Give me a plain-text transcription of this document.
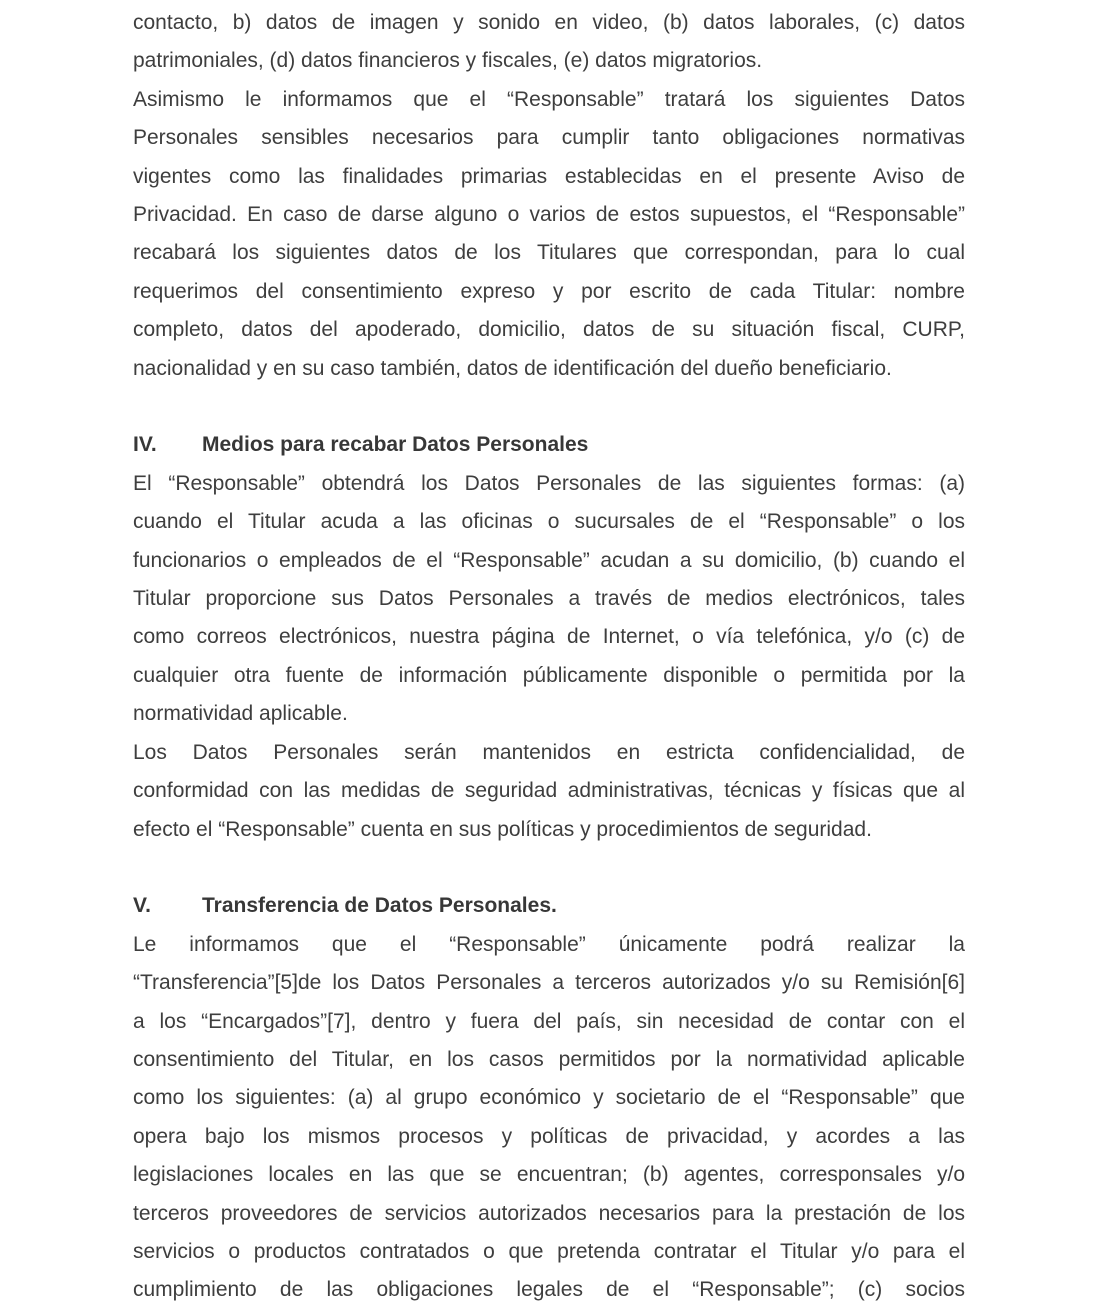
contacto, b) datos de imagen y sonido en video, (b) datos laborales, (c) datos
patrimoniales, (d) datos financieros y fiscales, (e) datos migratorios.
Asimismo le informamos que el “Responsable” tratará los siguientes Datos
Personales sensibles necesarios para cumplir tanto obligaciones normativas
vigentes como las finalidades primarias establecidas en el presente Aviso de
Privacidad. En caso de darse alguno o varios de estos supuestos, el “Responsable”
recabará los siguientes datos de los Titulares que correspondan, para lo cual
requerimos del consentimiento expreso y por escrito de cada Titular: nombre
completo, datos del apoderado, domicilio, datos de su situación fiscal, CURP,
nacionalidad y en su caso también, datos de identificación del dueño beneficiario.
IV.	Medios para recabar Datos Personales
El “Responsable” obtendrá los Datos Personales de las siguientes formas: (a)
cuando el Titular acuda a las oficinas o sucursales de el “Responsable” o los
funcionarios o empleados de el “Responsable” acudan a su domicilio, (b) cuando el
Titular proporcione sus Datos Personales a través de medios electrónicos, tales
como correos electrónicos, nuestra página de Internet, o vía telefónica, y/o (c) de
cualquier otra fuente de información públicamente disponible o permitida por la
normatividad aplicable.
Los Datos Personales serán mantenidos en estricta confidencialidad, de
conformidad con las medidas de seguridad administrativas, técnicas y físicas que al
efecto el “Responsable” cuenta en sus políticas y procedimientos de seguridad.
V.	Transferencia de Datos Personales.
Le informamos que el “Responsable” únicamente podrá realizar la
“Transferencia”[5]de los Datos Personales a terceros autorizados y/o su Remisión[6]
a los “Encargados”[7], dentro y fuera del país, sin necesidad de contar con el
consentimiento del Titular, en los casos permitidos por la normatividad aplicable
como los siguientes: (a) al grupo económico y societario de el “Responsable” que
opera bajo los mismos procesos y políticas de privacidad, y acordes a las
legislaciones locales en las que se encuentran; (b) agentes, corresponsales y/o
terceros proveedores de servicios autorizados necesarios para la prestación de los
servicios o productos contratados o que pretenda contratar el Titular y/o para el
cumplimiento de las obligaciones legales de el “Responsable”; (c) socios
